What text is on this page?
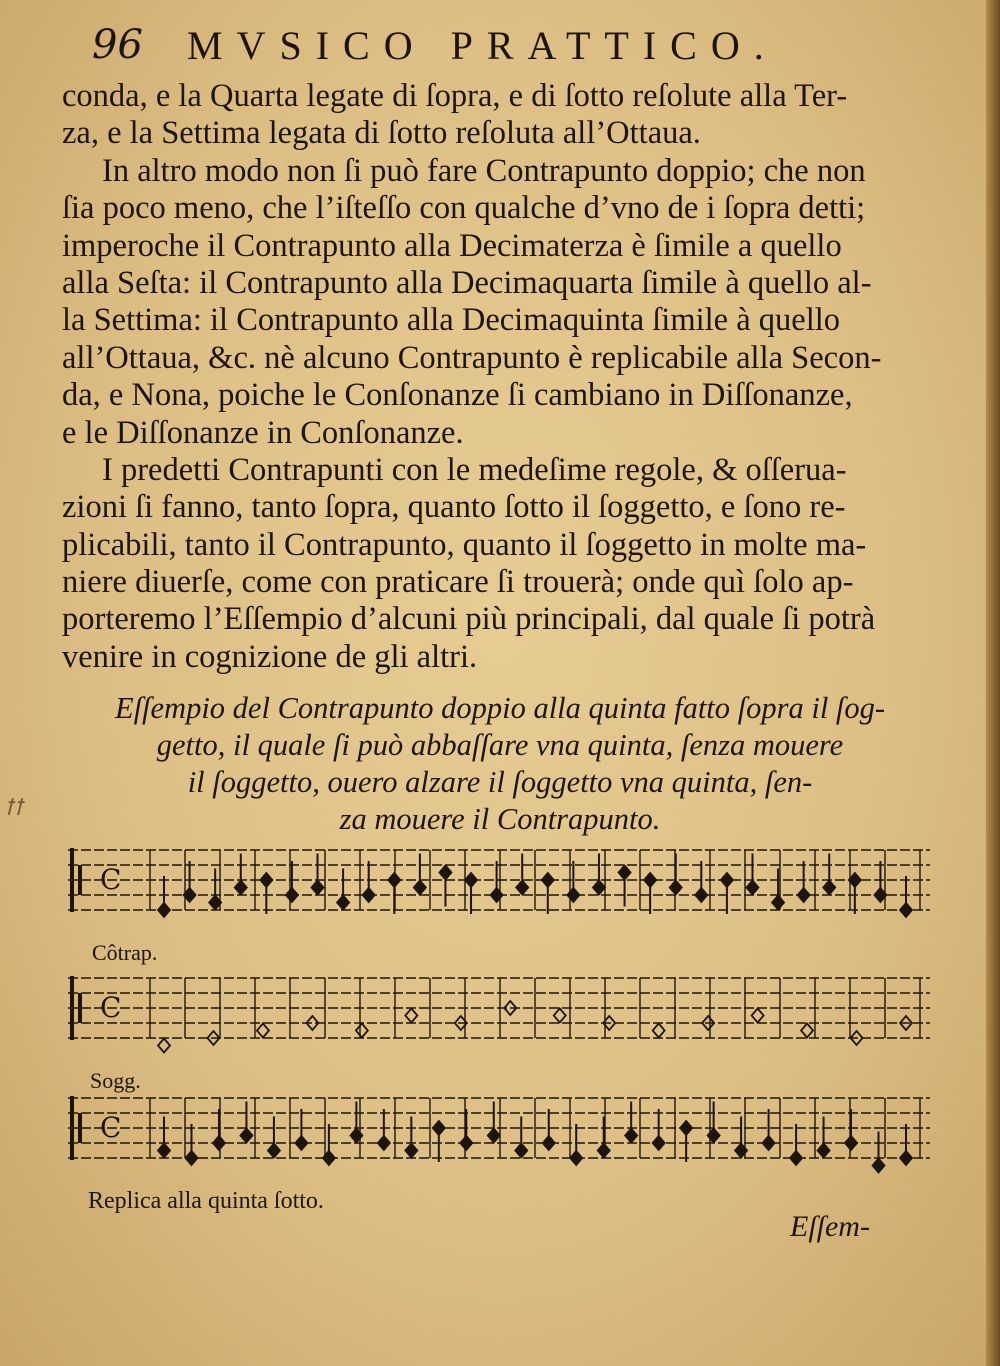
96 MVSICO PRATTICO.
conda, e la Quarta legate di ſopra, e di ſotto reſolute alla Ter-
za, e la Settima legata di ſotto reſoluta all’Ottaua.
In altro modo non ſi può fare Contrapunto doppio; che non
ſia poco meno, che l’iſteſſo con qualche d’vno de i ſopra detti;
imperoche il Contrapunto alla Decimaterza è ſimile a quello
alla Seſta: il Contrapunto alla Decimaquarta ſimile à quello al-
la Settima: il Contrapunto alla Decimaquinta ſimile à quello
all’Ottaua, &c. nè alcuno Contrapunto è replicabile alla Secon-
da, e Nona, poiche le Conſonanze ſi cambiano in Diſſonanze,
e le Diſſonanze in Conſonanze.
I predetti Contrapunti con le medeſime regole, & oſſerua-
zioni ſi fanno, tanto ſopra, quanto ſotto il ſoggetto, e ſono re-
plicabili, tanto il Contrapunto, quanto il ſoggetto in molte ma-
niere diuerſe, come con praticare ſi trouerà; onde quì ſolo ap-
porteremo l’Eſſempio d’alcuni più principali, dal quale ſi potrà
venire in cognizione de gli altri.
Eſſempio del Contrapunto doppio alla quinta fatto ſopra il ſog-
getto, il quale ſi può abbaſſare vna quinta, ſenza mouere
il ſoggetto, ouero alzare il ſoggetto vna quinta, ſen-
za mouere il Contrapunto.
ꝉꝉ
C
Côtrap.
C
Sogg.
C
Replica alla quinta ſotto.
Eſſem-
